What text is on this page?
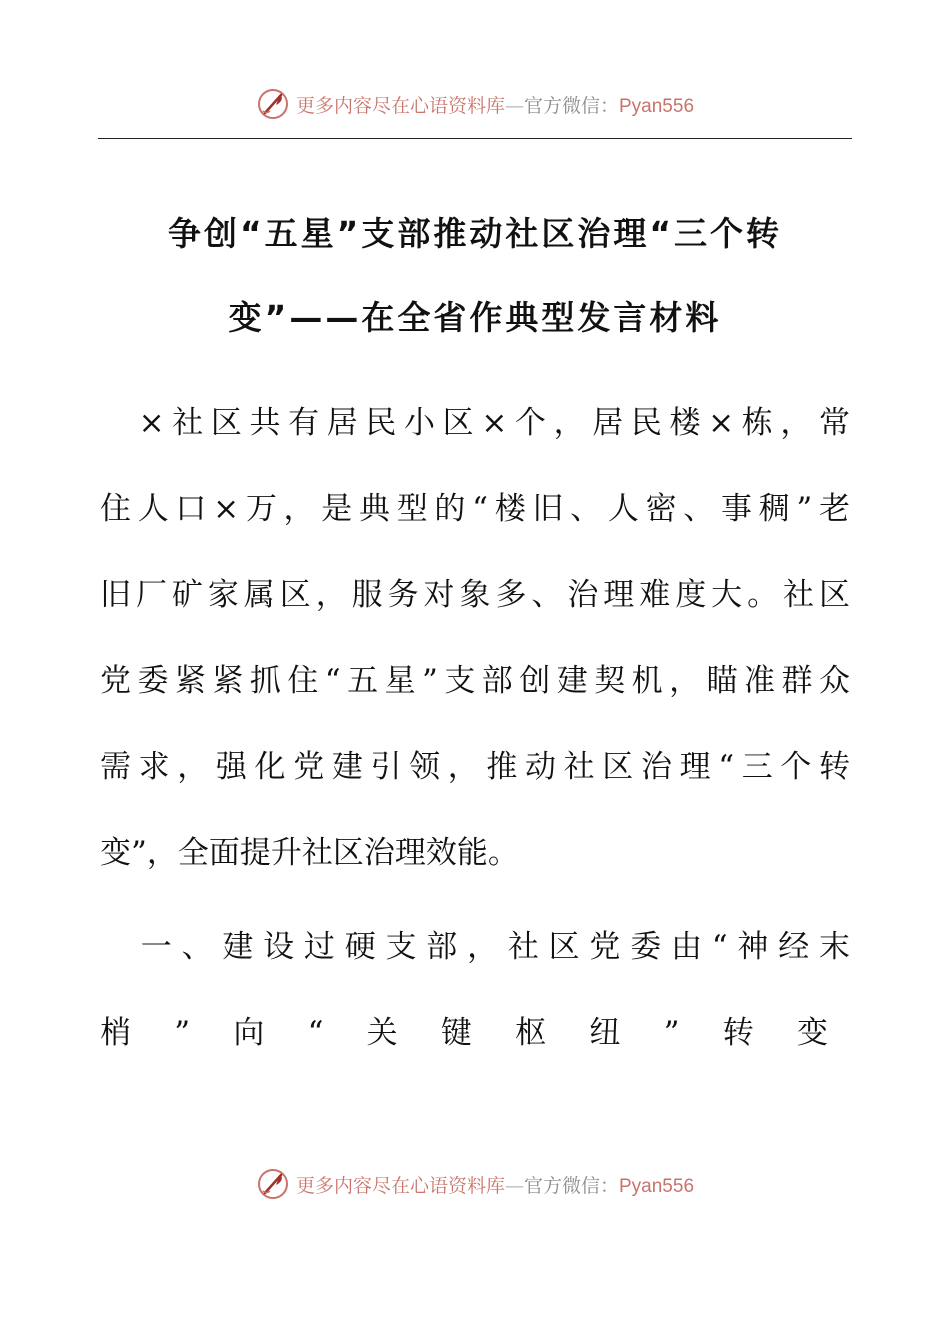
更多内容尽在心语资料库—官方微信：Pyan556
争创“五星”支部推动社区治理“三个转
变”——在全省作典型发言材料
　×社区共有居民小区×个，居民楼×栋，常
住人口×万，是典型的“楼旧、人密、事稠”老
旧厂矿家属区，服务对象多、治理难度大。社区
党委紧紧抓住“五星”支部创建契机，瞄准群众
需求，强化党建引领，推动社区治理“三个转
变”，全面提升社区治理效能。
　一、建设过硬支部，社区党委由“神经末
梢”向“关键枢纽”转变
更多内容尽在心语资料库—官方微信：Pyan556
